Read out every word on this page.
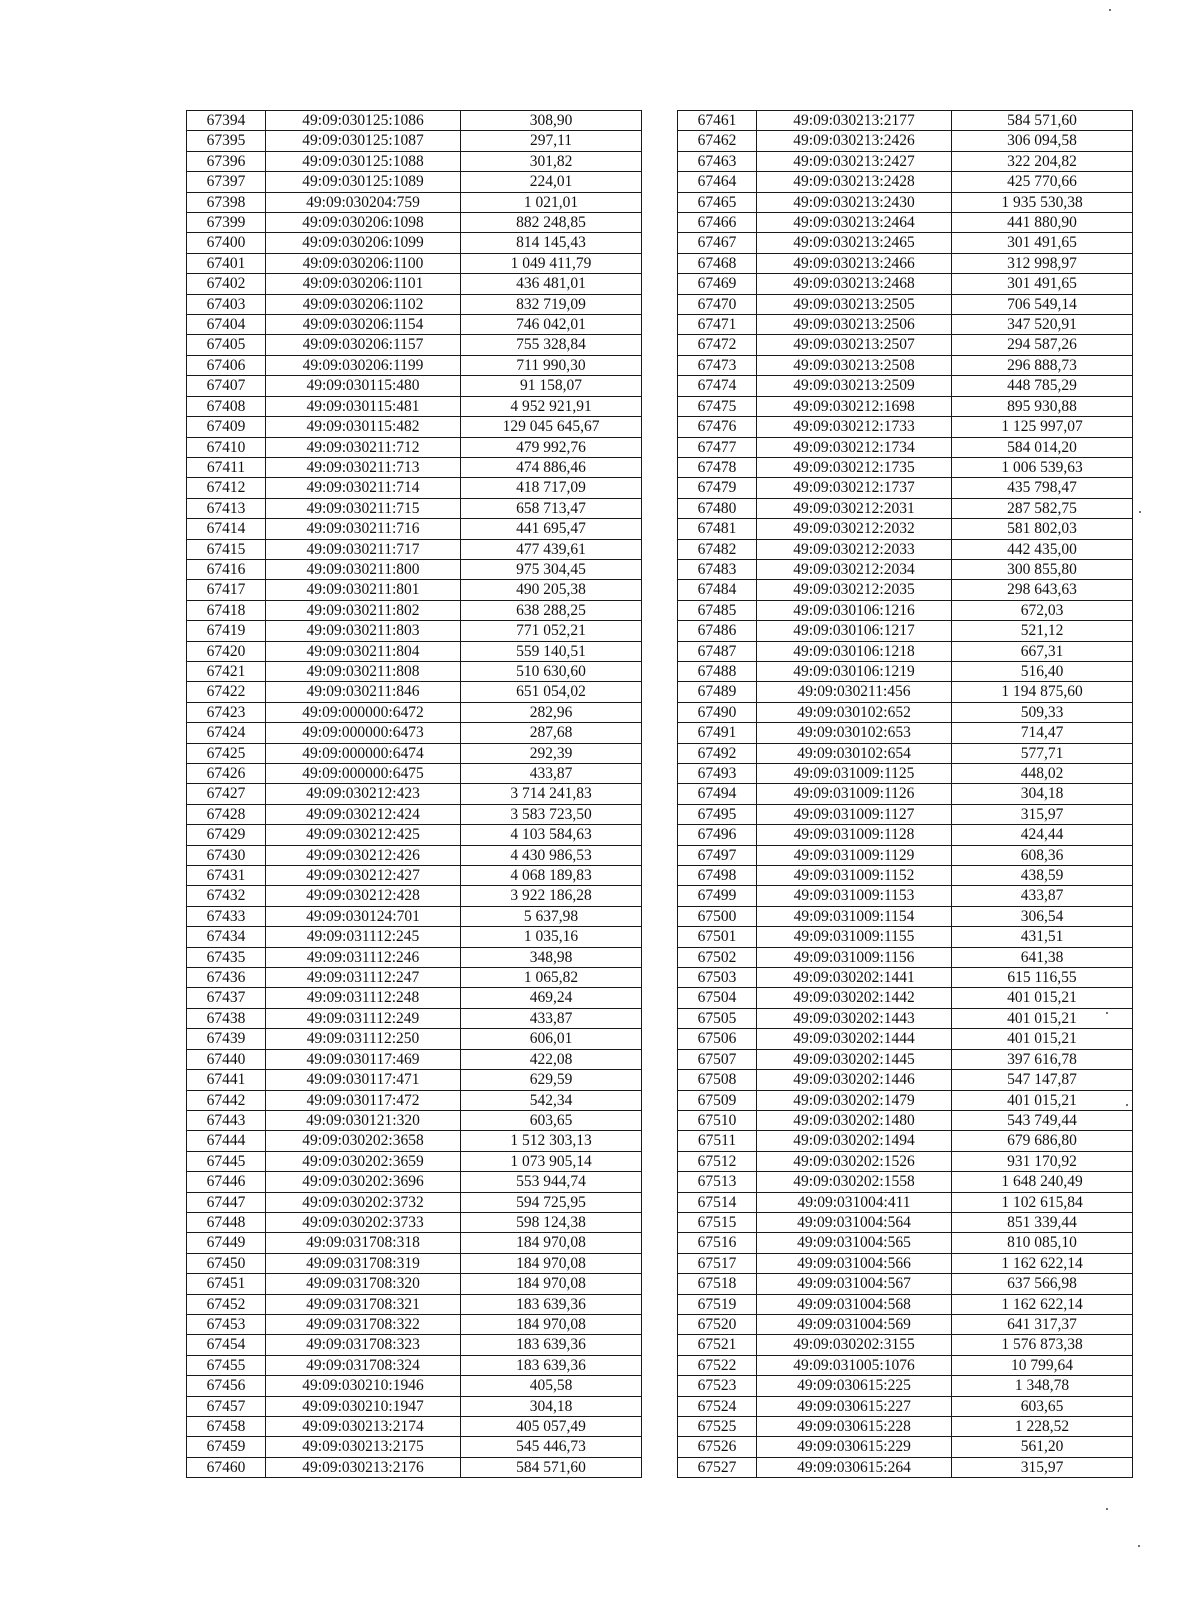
67394	49:09:030125:1086	308,90
67395	49:09:030125:1087	297,11
67396	49:09:030125:1088	301,82
67397	49:09:030125:1089	224,01
67398	49:09:030204:759	1 021,01
67399	49:09:030206:1098	882 248,85
67400	49:09:030206:1099	814 145,43
67401	49:09:030206:1100	1 049 411,79
67402	49:09:030206:1101	436 481,01
67403	49:09:030206:1102	832 719,09
67404	49:09:030206:1154	746 042,01
67405	49:09:030206:1157	755 328,84
67406	49:09:030206:1199	711 990,30
67407	49:09:030115:480	91 158,07
67408	49:09:030115:481	4 952 921,91
67409	49:09:030115:482	129 045 645,67
67410	49:09:030211:712	479 992,76
67411	49:09:030211:713	474 886,46
67412	49:09:030211:714	418 717,09
67413	49:09:030211:715	658 713,47
67414	49:09:030211:716	441 695,47
67415	49:09:030211:717	477 439,61
67416	49:09:030211:800	975 304,45
67417	49:09:030211:801	490 205,38
67418	49:09:030211:802	638 288,25
67419	49:09:030211:803	771 052,21
67420	49:09:030211:804	559 140,51
67421	49:09:030211:808	510 630,60
67422	49:09:030211:846	651 054,02
67423	49:09:000000:6472	282,96
67424	49:09:000000:6473	287,68
67425	49:09:000000:6474	292,39
67426	49:09:000000:6475	433,87
67427	49:09:030212:423	3 714 241,83
67428	49:09:030212:424	3 583 723,50
67429	49:09:030212:425	4 103 584,63
67430	49:09:030212:426	4 430 986,53
67431	49:09:030212:427	4 068 189,83
67432	49:09:030212:428	3 922 186,28
67433	49:09:030124:701	5 637,98
67434	49:09:031112:245	1 035,16
67435	49:09:031112:246	348,98
67436	49:09:031112:247	1 065,82
67437	49:09:031112:248	469,24
67438	49:09:031112:249	433,87
67439	49:09:031112:250	606,01
67440	49:09:030117:469	422,08
67441	49:09:030117:471	629,59
67442	49:09:030117:472	542,34
67443	49:09:030121:320	603,65
67444	49:09:030202:3658	1 512 303,13
67445	49:09:030202:3659	1 073 905,14
67446	49:09:030202:3696	553 944,74
67447	49:09:030202:3732	594 725,95
67448	49:09:030202:3733	598 124,38
67449	49:09:031708:318	184 970,08
67450	49:09:031708:319	184 970,08
67451	49:09:031708:320	184 970,08
67452	49:09:031708:321	183 639,36
67453	49:09:031708:322	184 970,08
67454	49:09:031708:323	183 639,36
67455	49:09:031708:324	183 639,36
67456	49:09:030210:1946	405,58
67457	49:09:030210:1947	304,18
67458	49:09:030213:2174	405 057,49
67459	49:09:030213:2175	545 446,73
67460	49:09:030213:2176	584 571,60
67461	49:09:030213:2177	584 571,60
67462	49:09:030213:2426	306 094,58
67463	49:09:030213:2427	322 204,82
67464	49:09:030213:2428	425 770,66
67465	49:09:030213:2430	1 935 530,38
67466	49:09:030213:2464	441 880,90
67467	49:09:030213:2465	301 491,65
67468	49:09:030213:2466	312 998,97
67469	49:09:030213:2468	301 491,65
67470	49:09:030213:2505	706 549,14
67471	49:09:030213:2506	347 520,91
67472	49:09:030213:2507	294 587,26
67473	49:09:030213:2508	296 888,73
67474	49:09:030213:2509	448 785,29
67475	49:09:030212:1698	895 930,88
67476	49:09:030212:1733	1 125 997,07
67477	49:09:030212:1734	584 014,20
67478	49:09:030212:1735	1 006 539,63
67479	49:09:030212:1737	435 798,47
67480	49:09:030212:2031	287 582,75
67481	49:09:030212:2032	581 802,03
67482	49:09:030212:2033	442 435,00
67483	49:09:030212:2034	300 855,80
67484	49:09:030212:2035	298 643,63
67485	49:09:030106:1216	672,03
67486	49:09:030106:1217	521,12
67487	49:09:030106:1218	667,31
67488	49:09:030106:1219	516,40
67489	49:09:030211:456	1 194 875,60
67490	49:09:030102:652	509,33
67491	49:09:030102:653	714,47
67492	49:09:030102:654	577,71
67493	49:09:031009:1125	448,02
67494	49:09:031009:1126	304,18
67495	49:09:031009:1127	315,97
67496	49:09:031009:1128	424,44
67497	49:09:031009:1129	608,36
67498	49:09:031009:1152	438,59
67499	49:09:031009:1153	433,87
67500	49:09:031009:1154	306,54
67501	49:09:031009:1155	431,51
67502	49:09:031009:1156	641,38
67503	49:09:030202:1441	615 116,55
67504	49:09:030202:1442	401 015,21
67505	49:09:030202:1443	401 015,21
67506	49:09:030202:1444	401 015,21
67507	49:09:030202:1445	397 616,78
67508	49:09:030202:1446	547 147,87
67509	49:09:030202:1479	401 015,21
67510	49:09:030202:1480	543 749,44
67511	49:09:030202:1494	679 686,80
67512	49:09:030202:1526	931 170,92
67513	49:09:030202:1558	1 648 240,49
67514	49:09:031004:411	1 102 615,84
67515	49:09:031004:564	851 339,44
67516	49:09:031004:565	810 085,10
67517	49:09:031004:566	1 162 622,14
67518	49:09:031004:567	637 566,98
67519	49:09:031004:568	1 162 622,14
67520	49:09:031004:569	641 317,37
67521	49:09:030202:3155	1 576 873,38
67522	49:09:031005:1076	10 799,64
67523	49:09:030615:225	1 348,78
67524	49:09:030615:227	603,65
67525	49:09:030615:228	1 228,52
67526	49:09:030615:229	561,20
67527	49:09:030615:264	315,97
